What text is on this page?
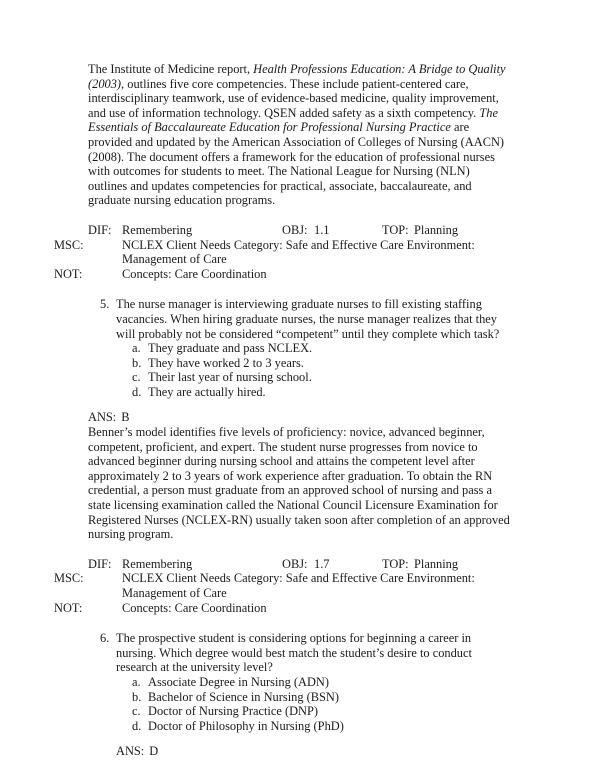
The Institute of Medicine report, Health Professions Education: A Bridge to Quality (2003), outlines five core competencies. These include patient-centered care, interdisciplinary teamwork, use of evidence-based medicine, quality improvement, and use of information technology. QSEN added safety as a sixth competency. The Essentials of Baccalaureate Education for Professional Nursing Practice are provided and updated by the American Association of Colleges of Nursing (AACN) (2008). The document offers a framework for the education of professional nurses with outcomes for students to meet. The National League for Nursing (NLN) outlines and updates competencies for practical, associate, baccalaureate, and graduate nursing education programs.

DIF: Remembering	OBJ: 1.1	TOP: Planning
MSC:	NCLEX Client Needs Category: Safe and Effective Care Environment: Management of Care
NOT:	Concepts: Care Coordination
5. The nurse manager is interviewing graduate nurses to fill existing staffing vacancies. When hiring graduate nurses, the nurse manager realizes that they will probably not be considered “competent” until they complete which task?

a. They graduate and pass NCLEX.
b. They have worked 2 to 3 years.
c. Their last year of nursing school.
d. They are actually hired.
ANS: B

Benner’s model identifies five levels of proficiency: novice, advanced beginner, competent, proficient, and expert. The student nurse progresses from novice to advanced beginner during nursing school and attains the competent level after approximately 2 to 3 years of work experience after graduation. To obtain the RN credential, a person must graduate from an approved school of nursing and pass a state licensing examination called the National Council Licensure Examination for Registered Nurses (NCLEX-RN) usually taken soon after completion of an approved nursing program.

DIF: Remembering	OBJ: 1.7	TOP: Planning
MSC:	NCLEX Client Needs Category: Safe and Effective Care Environment: Management of Care
NOT:	Concepts: Care Coordination
6. The prospective student is considering options for beginning a career in nursing. Which degree would best match the student’s desire to conduct research at the university level?

a. Associate Degree in Nursing (ADN)
b. Bachelor of Science in Nursing (BSN)
c. Doctor of Nursing Practice (DNP)
d. Doctor of Philosophy in Nursing (PhD)
ANS: D
